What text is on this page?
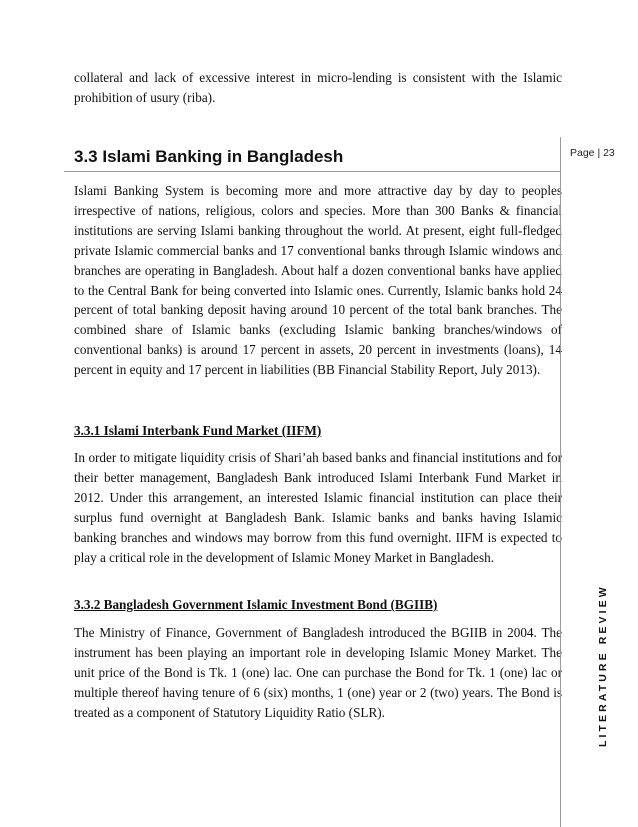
collateral and lack of excessive interest in micro-lending is consistent with the Islamic prohibition of usury (riba).

3.3 Islami Banking in Bangladesh

Islami Banking System is becoming more and more attractive day by day to peoples irrespective of nations, religious, colors and species. More than 300 Banks & financial institutions are serving Islami banking throughout the world. At present, eight full-fledged private Islamic commercial banks and 17 conventional banks through Islamic windows and branches are operating in Bangladesh. About half a dozen conventional banks have applied to the Central Bank for being converted into Islamic ones. Currently, Islamic banks hold 24 percent of total banking deposit having around 10 percent of the total bank branches. The combined share of Islamic banks (excluding Islamic banking branches/windows of conventional banks) is around 17 percent in assets, 20 percent in investments (loans), 14 percent in equity and 17 percent in liabilities (BB Financial Stability Report, July 2013).

3.3.1 Islami Interbank Fund Market (IIFM)

In order to mitigate liquidity crisis of Shari’ah based banks and financial institutions and for their better management, Bangladesh Bank introduced Islami Interbank Fund Market in 2012. Under this arrangement, an interested Islamic financial institution can place their surplus fund overnight at Bangladesh Bank. Islamic banks and banks having Islamic banking branches and windows may borrow from this fund overnight. IIFM is expected to play a critical role in the development of Islamic Money Market in Bangladesh.

3.3.2 Bangladesh Government Islamic Investment Bond (BGIIB)

The Ministry of Finance, Government of Bangladesh introduced the BGIIB in 2004. The instrument has been playing an important role in developing Islamic Money Market. The unit price of the Bond is Tk. 1 (one) lac. One can purchase the Bond for Tk. 1 (one) lac or multiple thereof having tenure of 6 (six) months, 1 (one) year or 2 (two) years. The Bond is treated as a component of Statutory Liquidity Ratio (SLR).

Page | 23
LITERATURE REVIEW
